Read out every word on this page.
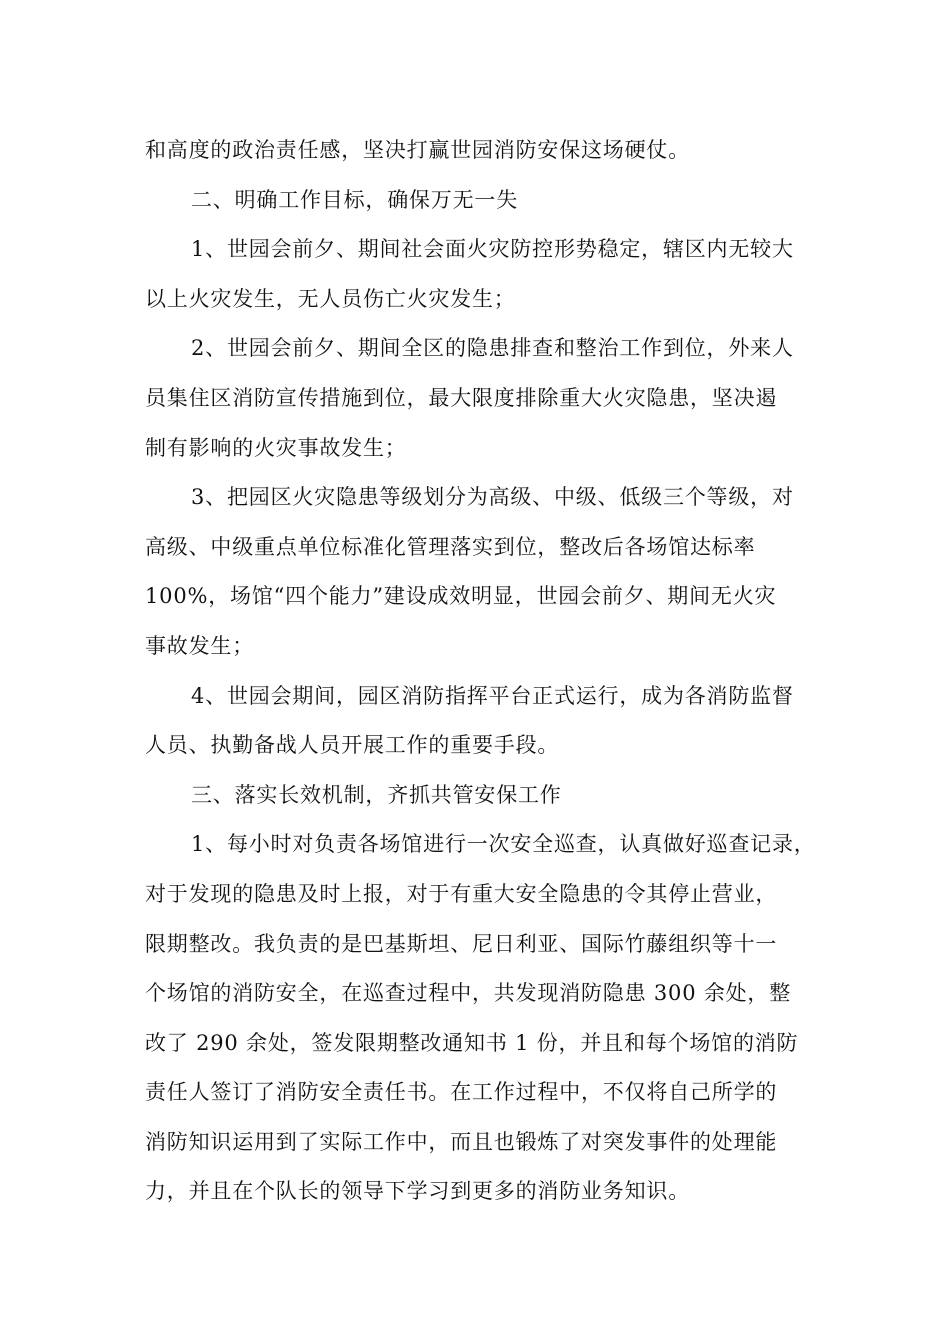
和高度的政治责任感，坚决打赢世园消防安保这场硬仗。
二、明确工作目标，确保万无一失
1、世园会前夕、期间社会面火灾防控形势稳定，辖区内无较大
以上火灾发生，无人员伤亡火灾发生；
2、世园会前夕、期间全区的隐患排查和整治工作到位，外来人
员集住区消防宣传措施到位，最大限度排除重大火灾隐患，坚决遏
制有影响的火灾事故发生；
3、把园区火灾隐患等级划分为高级、中级、低级三个等级，对
高级、中级重点单位标准化管理落实到位，整改后各场馆达标率
100%，场馆“四个能力”建设成效明显，世园会前夕、期间无火灾
事故发生；
4、世园会期间，园区消防指挥平台正式运行，成为各消防监督
人员、执勤备战人员开展工作的重要手段。
三、落实长效机制，齐抓共管安保工作
1、每小时对负责各场馆进行一次安全巡查，认真做好巡查记录，
对于发现的隐患及时上报，对于有重大安全隐患的令其停止营业，
限期整改。我负责的是巴基斯坦、尼日利亚、国际竹藤组织等十一
个场馆的消防安全，在巡查过程中，共发现消防隐患 300 余处，整
改了 290 余处，签发限期整改通知书 1 份，并且和每个场馆的消防
责任人签订了消防安全责任书。在工作过程中，不仅将自己所学的
消防知识运用到了实际工作中，而且也锻炼了对突发事件的处理能
力，并且在个队长的领导下学习到更多的消防业务知识。
